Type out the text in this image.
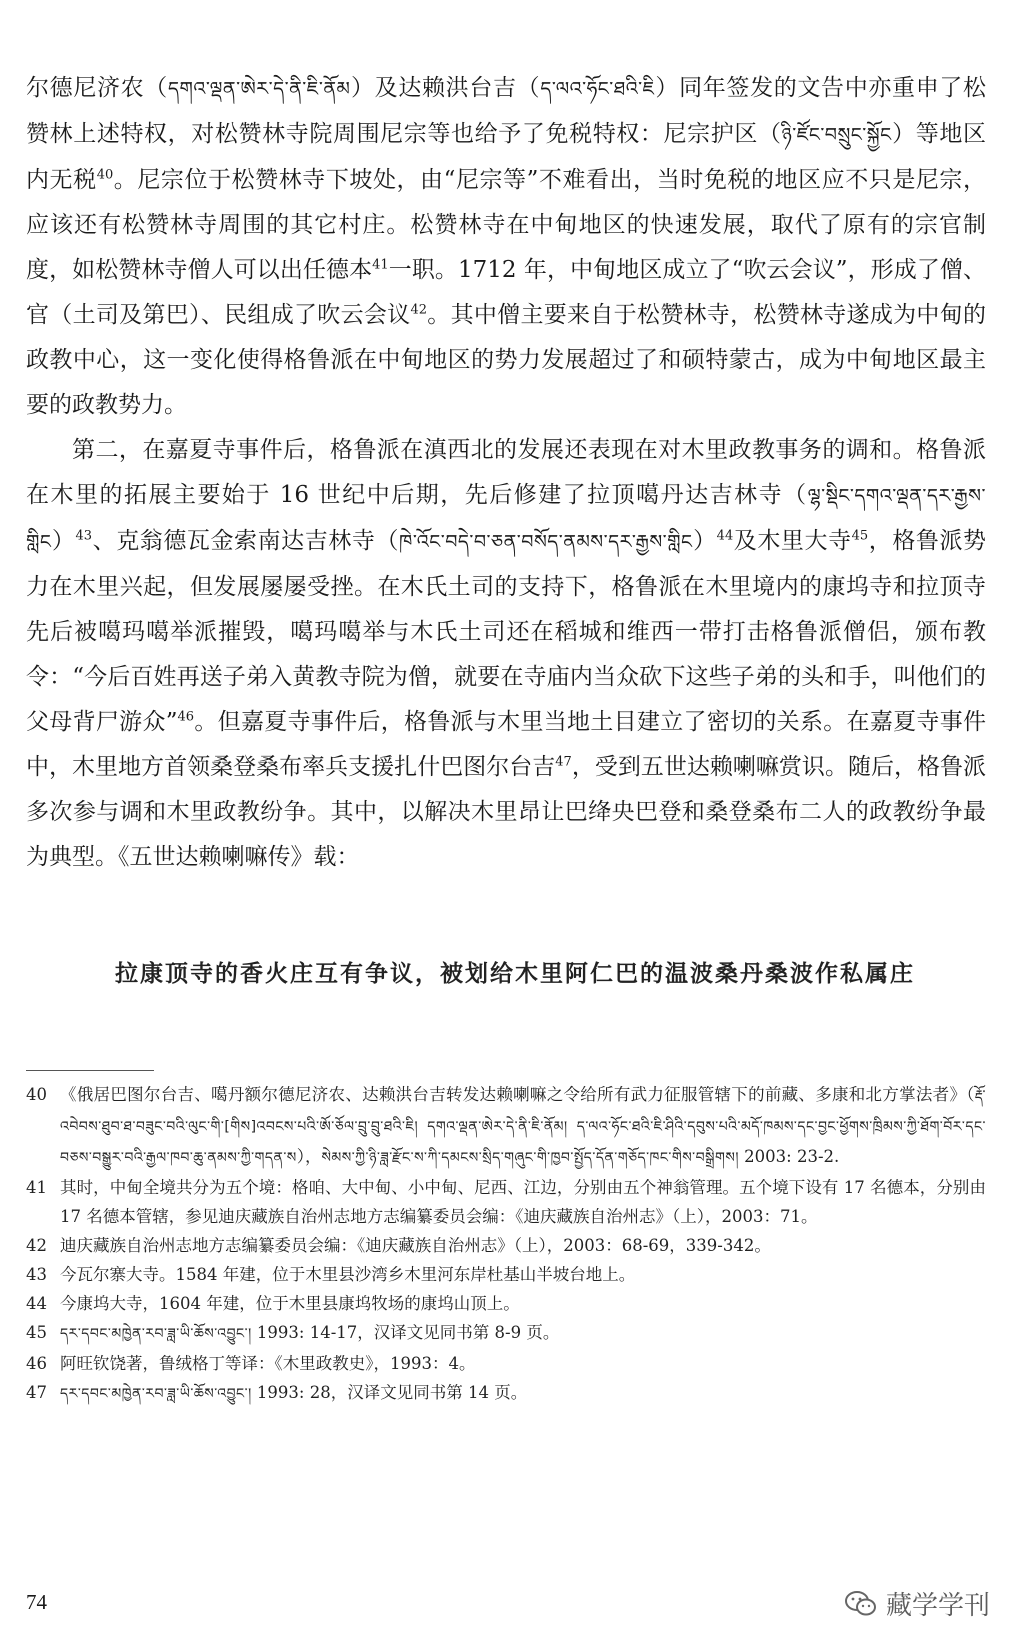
尔德尼济农（དགའ་ལྡན་ཨེར་དེ་ནི་ཇི་ནོམ）及达赖洪台吉（ད་ལའ་ཧོང་ཐའི་ཇི）同年签发的文告中亦重申了松赞林上述特权，对松赞林寺院周围尼宗等也给予了免税特权：尼宗护区（ཉི་ཛོང་བསྲུང་སྐྱོང）等地区内无税$^{40}$。尼宗位于松赞林寺下坡处，由“尼宗等”不难看出，当时免税的地区应不只是尼宗，应该还有松赞林寺周围的其它村庄。松赞林寺在中甸地区的快速发展，取代了原有的宗官制度，如松赞林寺僧人可以出任德本$^{41}$一职。1712 年，中甸地区成立了“吹云会议”，形成了僧、官（土司及第巴）、民组成了吹云会议$^{42}$。其中僧主要来自于松赞林寺，松赞林寺遂成为中甸的政教中心，这一变化使得格鲁派在中甸地区的势力发展超过了和硕特蒙古，成为中甸地区最主要的政教势力。

第二，在嘉夏寺事件后，格鲁派在滇西北的发展还表现在对木里政教事务的调和。格鲁派在木里的拓展主要始于 16 世纪中后期，先后修建了拉顶噶丹达吉林寺（ལྷ་སྡིང་དགའ་ལྡན་དར་རྒྱས་གླིང）$^{43}$、克翁德瓦金索南达吉林寺（ཁེ་འོང་བདེ་བ་ཅན་བསོད་ནམས་དར་རྒྱས་གླིང）$^{44}$及木里大寺$^{45}$，格鲁派势力在木里兴起，但发展屡屡受挫。在木氏土司的支持下，格鲁派在木里境内的康坞寺和拉顶寺先后被噶玛噶举派摧毁，噶玛噶举与木氏土司还在稻城和维西一带打击格鲁派僧侣，颁布教令：“今后百姓再送子弟入黄教寺院为僧，就要在寺庙内当众砍下这些子弟的头和手，叫他们的父母背尸游众”$^{46}$。但嘉夏寺事件后，格鲁派与木里当地土目建立了密切的关系。在嘉夏寺事件中，木里地方首领桑登桑布率兵支援扎什巴图尔台吉$^{47}$，受到五世达赖喇嘛赏识。随后，格鲁派多次参与调和木里政教纷争。其中，以解决木里昂让巴绛央巴登和桑登桑布二人的政教纷争最为典型。《五世达赖喇嘛传》载：

拉康顶寺的香火庄互有争议，被划给木里阿仁巴的温波桑丹桑波作私属庄
40 《俄居巴图尔台吉、噶丹额尔德尼济农、达赖洪台吉转发达赖喇嘛之令给所有武力征服管辖下的前藏、多康和北方掌法者》（རྡོ་འབེབས་ཐུབ་ཐ་བཟུང་བའི་ལུང་གི་[གིས]འབངས་པའི་ཨོ་ཅོལ་བྲུ་བྲུ་ཐའི་ཇི། དགའ་ལྡན་ཨེར་དེ་ནི་ཇི་ནོམ། ད་ལའ་ཧོང་ཐའི་ཇི་ཤིའི་དབུས་པའི་མདོ་ཁམས་དང་བྱང་ཕྱོགས་ཁྲིམས་ཀྱི་ཐོག་བོར་དང་བཅས་བསྒྱུར་བའི་རྒྱལ་ཁབ་ཆུ་ནམས་ཀྱི་གདན་ས），སེམས་ཀྱི་ཉི་ཟླ་རྫོང་ས་ཀི་དམངས་སྲིད་གཞུང་གི་ཁྱབ་སྤྱོད་དོན་གཅོད་ཁང་གིས་བསྒྲིགས། 2003: 23-2.
41 其时，中甸全境共分为五个境：格咱、大中甸、小中甸、尼西、江边，分别由五个神翁管理。五个境下设有 17 名德本，分别由 17 名德本管辖，参见迪庆藏族自治州志地方志编纂委员会编：《迪庆藏族自治州志》（上），2003：71。
42 迪庆藏族自治州志地方志编纂委员会编：《迪庆藏族自治州志》（上），2003：68-69，339-342。
43 今瓦尔寨大寺。1584 年建，位于木里县沙湾乡木里河东岸杜基山半坡台地上。
44 今康坞大寺，1604 年建，位于木里县康坞牧场的康坞山顶上。
45 དར་དབང་མཁྱེན་རབ་ཟླ་ཡི་ཆོས་འབྱུང་། 1993: 14-17，汉译文见同书第 8-9 页。
46 阿旺钦饶著，鲁绒格丁等译：《木里政教史》，1993：4。
47 དར་དབང་མཁྱེན་རབ་ཟླ་ཡི་ཆོས་འབྱུང་། 1993: 28，汉译文见同书第 14 页。
74	藏学学刊
